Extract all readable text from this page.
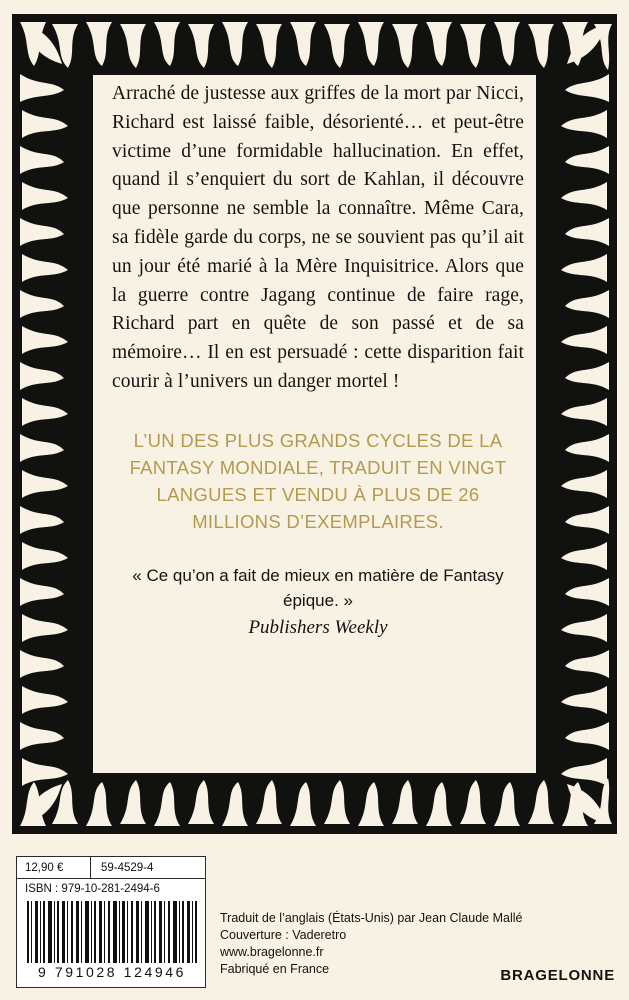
Arraché de justesse aux griffes de la mort par Nicci, Richard est laissé faible, désorienté… et peut-être victime d’une formidable hallucination. En effet, quand il s’enquiert du sort de Kahlan, il découvre que personne ne semble la connaître. Même Cara, sa fidèle garde du corps, ne se souvient pas qu’il ait un jour été marié à la Mère Inquisitrice. Alors que la guerre contre Jagang continue de faire rage, Richard part en quête de son passé et de sa mémoire… Il en est persuadé : cette disparition fait courir à l’univers un danger mortel !

L’UN DES PLUS GRANDS CYCLES DE LA FANTASY MONDIALE, TRADUIT EN VINGT LANGUES ET VENDU À PLUS DE 26 MILLIONS D’EXEMPLAIRES.
« Ce qu’on a fait de mieux en matière de Fantasy épique. »
Publishers Weekly
12,90 €	59-4529-4
ISBN : 979-10-281-2494-6
9 791028 124946
Traduit de l’anglais (États-Unis) par Jean Claude Mallé
Couverture : Vaderetro
www.bragelonne.fr
Fabriqué en France	BRAGELONNE
